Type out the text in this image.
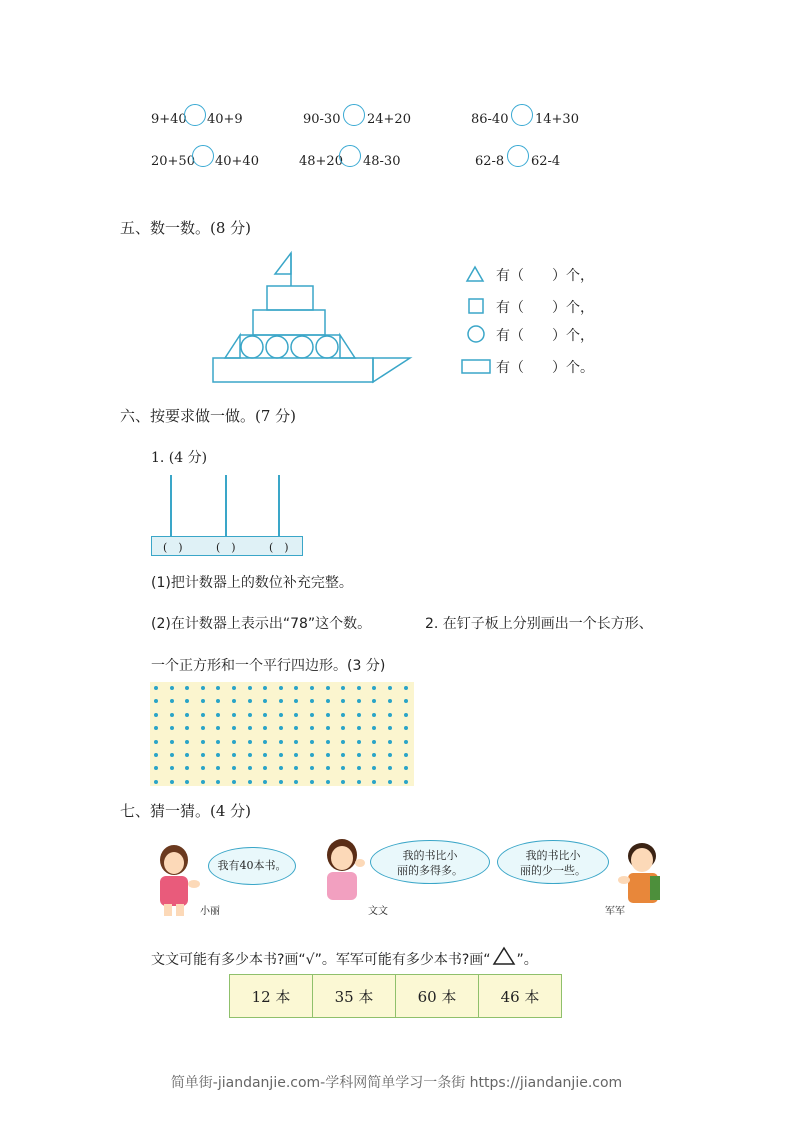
9+40 40+9	90-30 24+20	86-40 14+30
20+50 40+40	48+20 48-30	62-8 62-4
五、数一数。(8 分)
有（　　）个，
有（　　）个，
有（　　）个，
有（　　）个。
六、按要求做一做。(7 分)
1. (4 分)
(　)	(　)	(　)
(1)把计数器上的数位补充完整。
(2)在计数器上表示出“78”这个数。	2. 在钉子板上分别画出一个长方形、
一个正方形和一个平行四边形。(3 分)
七、猜一猜。(4 分)
小丽
我有40本书。
文文
我的书比小
丽的多得多。
我的书比小
丽的少一些。
军军
文文可能有多少本书?画“√”。军军可能有多少本书?画“ ”。
12 本	35 本	60 本	46 本
简单街-jiandanjie.com-学科网简单学习一条街 https://jiandanjie.com
